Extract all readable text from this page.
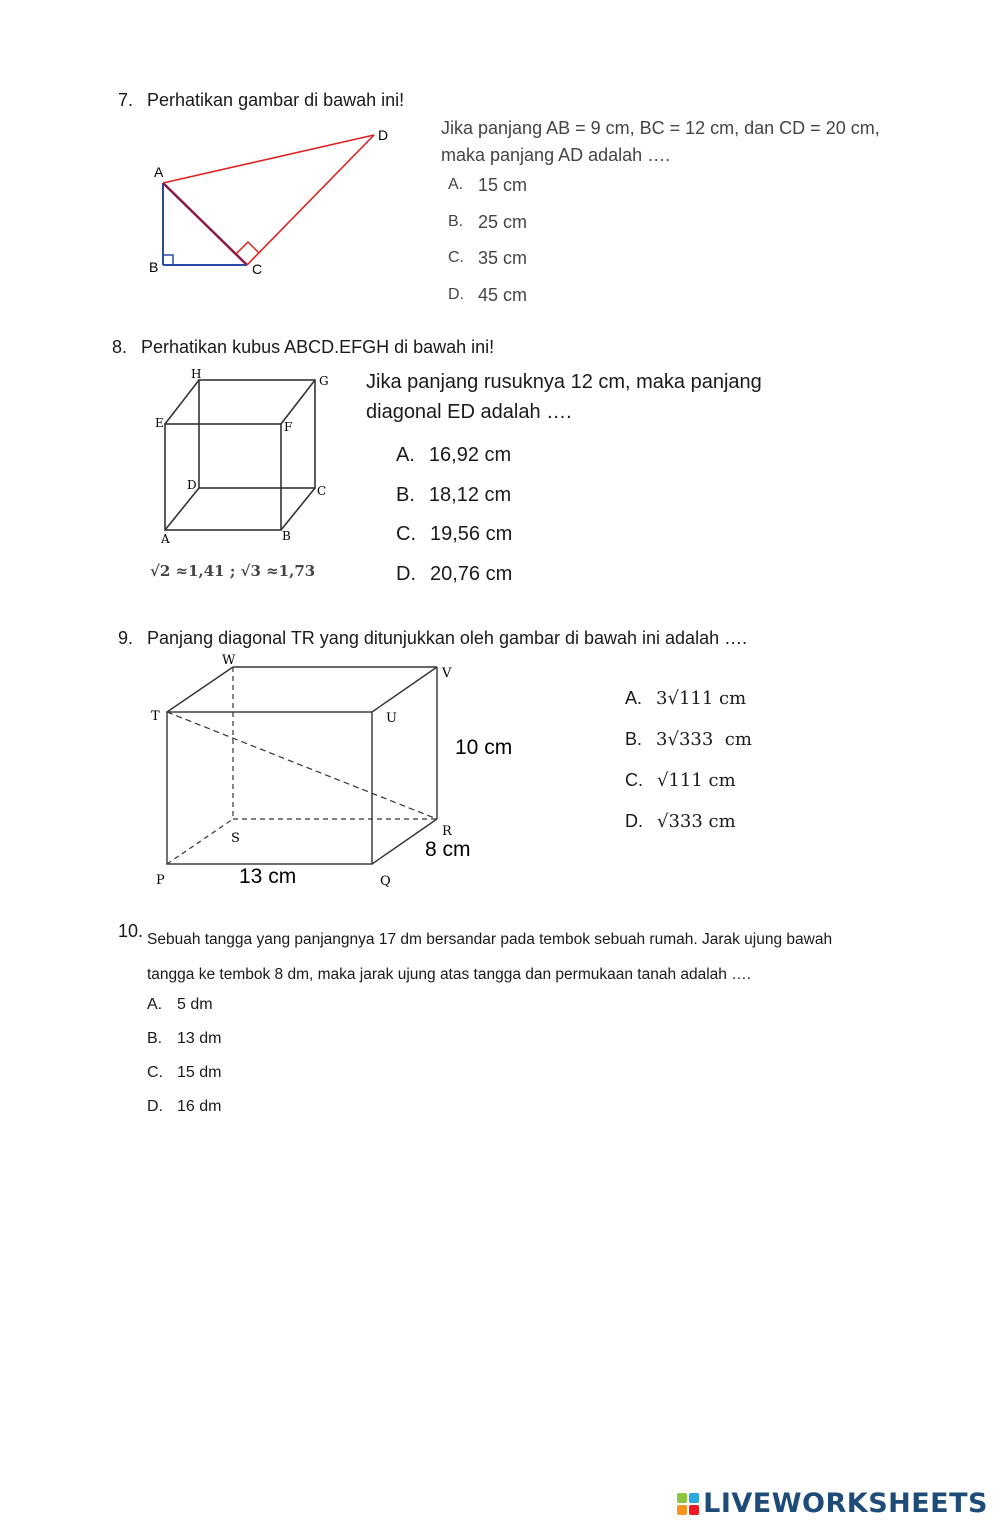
7. Perhatikan gambar di bawah ini!
A
B	C
D	Jika panjang AB = 9 cm, BC = 12 cm, dan CD = 20 cm,
maka panjang AD adalah ….
A. 15 cm
B. 25 cm
C. 35 cm
D. 45 cm
8. Perhatikan kubus ABCD.EFGH di bawah ini!
H	G
E	F
D	C
A	B
√2 ≈1,41 ; √3 ≈1,73
Jika panjang rusuknya 12 cm, maka panjang
diagonal ED adalah ….
A. 16,92 cm
B. 18,12 cm
C. 19,56 cm
D. 20,76 cm
9. Panjang diagonal TR yang ditunjukkan oleh gambar di bawah ini adalah ….
W
V
T	U
S	R
P	Q
10 cm
8 cm
13 cm
A. 3√111 cm
B. 3√333  cm
C. √111 cm
D. √333 cm
10. Sebuah tangga yang panjangnya 17 dm bersandar pada tembok sebuah rumah. Jarak ujung bawah
tangga ke tembok 8 dm, maka jarak ujung atas tangga dan permukaan tanah adalah ….
A. 5 dm
B. 13 dm
C. 15 dm
D. 16 dm
LIVEWORKSHEETS
